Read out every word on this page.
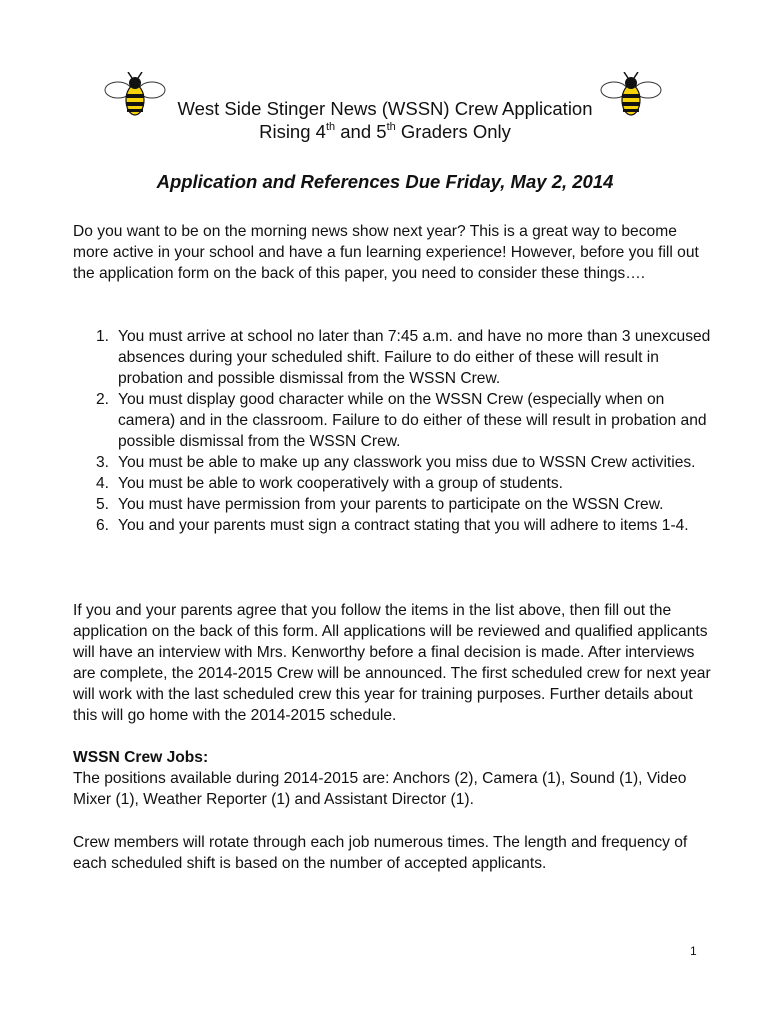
West Side Stinger News (WSSN) Crew Application
Rising 4th and 5th Graders Only
Application and References Due Friday, May 2, 2014
Do you want to be on the morning news show next year? This is a great way to become more active in your school and have a fun learning experience! However, before you fill out the application form on the back of this paper, you need to consider these things….
1. You must arrive at school no later than 7:45 a.m. and have no more than 3 unexcused absences during your scheduled shift. Failure to do either of these will result in probation and possible dismissal from the WSSN Crew.
2. You must display good character while on the WSSN Crew (especially when on camera) and in the classroom. Failure to do either of these will result in probation and possible dismissal from the WSSN Crew.
3. You must be able to make up any classwork you miss due to WSSN Crew activities.
4. You must be able to work cooperatively with a group of students.
5. You must have permission from your parents to participate on the WSSN Crew.
6. You and your parents must sign a contract stating that you will adhere to items 1-4.
If you and your parents agree that you follow the items in the list above, then fill out the application on the back of this form. All applications will be reviewed and qualified applicants will have an interview with Mrs. Kenworthy before a final decision is made. After interviews are complete, the 2014-2015 Crew will be announced. The first scheduled crew for next year will work with the last scheduled crew this year for training purposes. Further details about this will go home with the 2014-2015 schedule.
WSSN Crew Jobs:
The positions available during 2014-2015 are: Anchors (2), Camera (1), Sound (1), Video Mixer (1), Weather Reporter (1) and Assistant Director (1).
Crew members will rotate through each job numerous times. The length and frequency of each scheduled shift is based on the number of accepted applicants.
1
